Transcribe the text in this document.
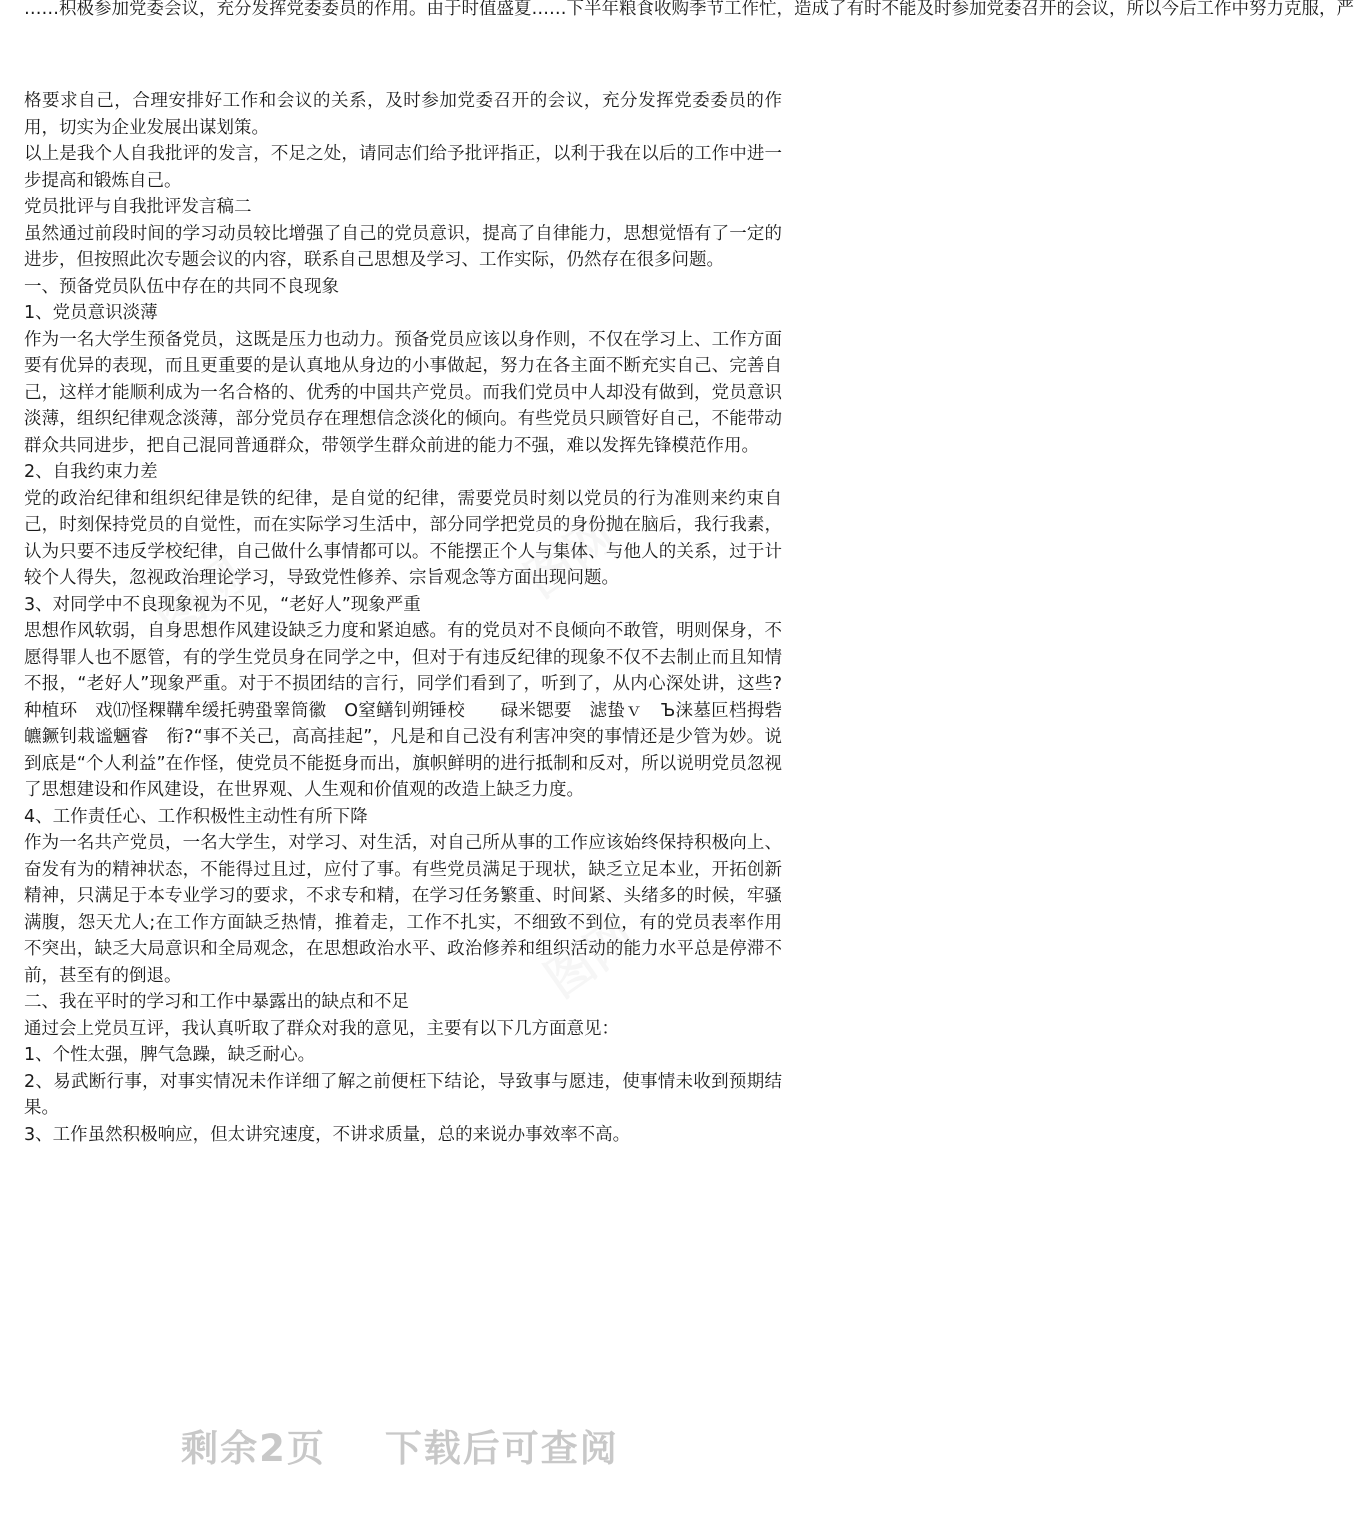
图网	图网
图网
……积极参加党委会议，充分发挥党委委员的作用。由于时值盛夏……下半年粮食收购季节工作忙，造成了有时不能及时参加党委召开的会议，所以今后工作中努力克服，严

格要求自己，合理安排好工作和会议的关系，及时参加党委召开的会议，充分发挥党委委员的作用，切实为企业发展出谋划策。

以上是我个人自我批评的发言，不足之处，请同志们给予批评指正，以利于我在以后的工作中进一步提高和锻炼自己。

党员批评与自我批评发言稿二

虽然通过前段时间的学习动员较比增强了自己的党员意识，提高了自律能力，思想觉悟有了一定的进步，但按照此次专题会议的内容，联系自己思想及学习、工作实际，仍然存在很多问题。

一、预备党员队伍中存在的共同不良现象

1、党员意识淡薄

作为一名大学生预备党员，这既是压力也动力。预备党员应该以身作则，不仅在学习上、工作方面要有优异的表现，而且更重要的是认真地从身边的小事做起，努力在各主面不断充实自己、完善自己，这样才能顺利成为一名合格的、优秀的中国共产党员。而我们党员中人却没有做到，党员意识淡薄，组织纪律观念淡薄，部分党员存在理想信念淡化的倾向。有些党员只顾管好自己，不能带动群众共同进步，把自己混同普通群众，带领学生群众前进的能力不强，难以发挥先锋模范作用。

2、自我约束力差

党的政治纪律和组织纪律是铁的纪律，是自觉的纪律，需要党员时刻以党员的行为准则来约束自己，时刻保持党员的自觉性，而在实际学习生活中，部分同学把党员的身份抛在脑后，我行我素，认为只要不违反学校纪律，自己做什么事情都可以。不能摆正个人与集体、与他人的关系，过于计较个人得失，忽视政治理论学习，导致党性修养、宗旨观念等方面出现问题。

3、对同学中不良现象视为不见，“老好人”现象严重

思想作风软弱，自身思想作风建设缺乏力度和紧迫感。有的党员对不良倾向不敢管，明则保身，不愿得罪人也不愿管，有的学生党员身在同学之中，但对于有违反纪律的现象不仅不去制止而且知情不报，“老好人”现象严重。对于不损团结的言行，同学们看到了，听到了，从内心深处讲，这些?种植环　戏⒄怪粿鞲牟缓托骋蛩睾筒徽　О窒鳝钊朔锤校　　碌米锶要　滤蛰ｖ　Ъ涞墓叵档拇砦皫鐝钊栽谧魎睿　衔?“事不关己，高高挂起”，凡是和自己没有利害冲突的事情还是少管为妙。说到底是“个人利益”在作怪，使党员不能挺身而出，旗帜鲜明的进行抵制和反对，所以说明党员忽视了思想建设和作风建设，在世界观、人生观和价值观的改造上缺乏力度。

4、工作责任心、工作积极性主动性有所下降

作为一名共产党员，一名大学生，对学习、对生活，对自己所从事的工作应该始终保持积极向上、奋发有为的精神状态，不能得过且过，应付了事。有些党员满足于现状，缺乏立足本业，开拓创新精神，只满足于本专业学习的要求，不求专和精，在学习任务繁重、时间紧、头绪多的时候，牢骚满腹，怨天尤人;在工作方面缺乏热情，推着走，工作不扎实，不细致不到位，有的党员表率作用不突出，缺乏大局意识和全局观念，在思想政治水平、政治修养和组织活动的能力水平总是停滞不前，甚至有的倒退。

二、我在平时的学习和工作中暴露出的缺点和不足

通过会上党员互评，我认真听取了群众对我的意见，主要有以下几方面意见：

1、个性太强，脾气急躁，缺乏耐心。

2、易武断行事，对事实情况未作详细了解之前便枉下结论，导致事与愿违，使事情未收到预期结果。

3、工作虽然积极响应，但太讲究速度，不讲求质量，总的来说办事效率不高。

剩余2页 下载后可查阅
